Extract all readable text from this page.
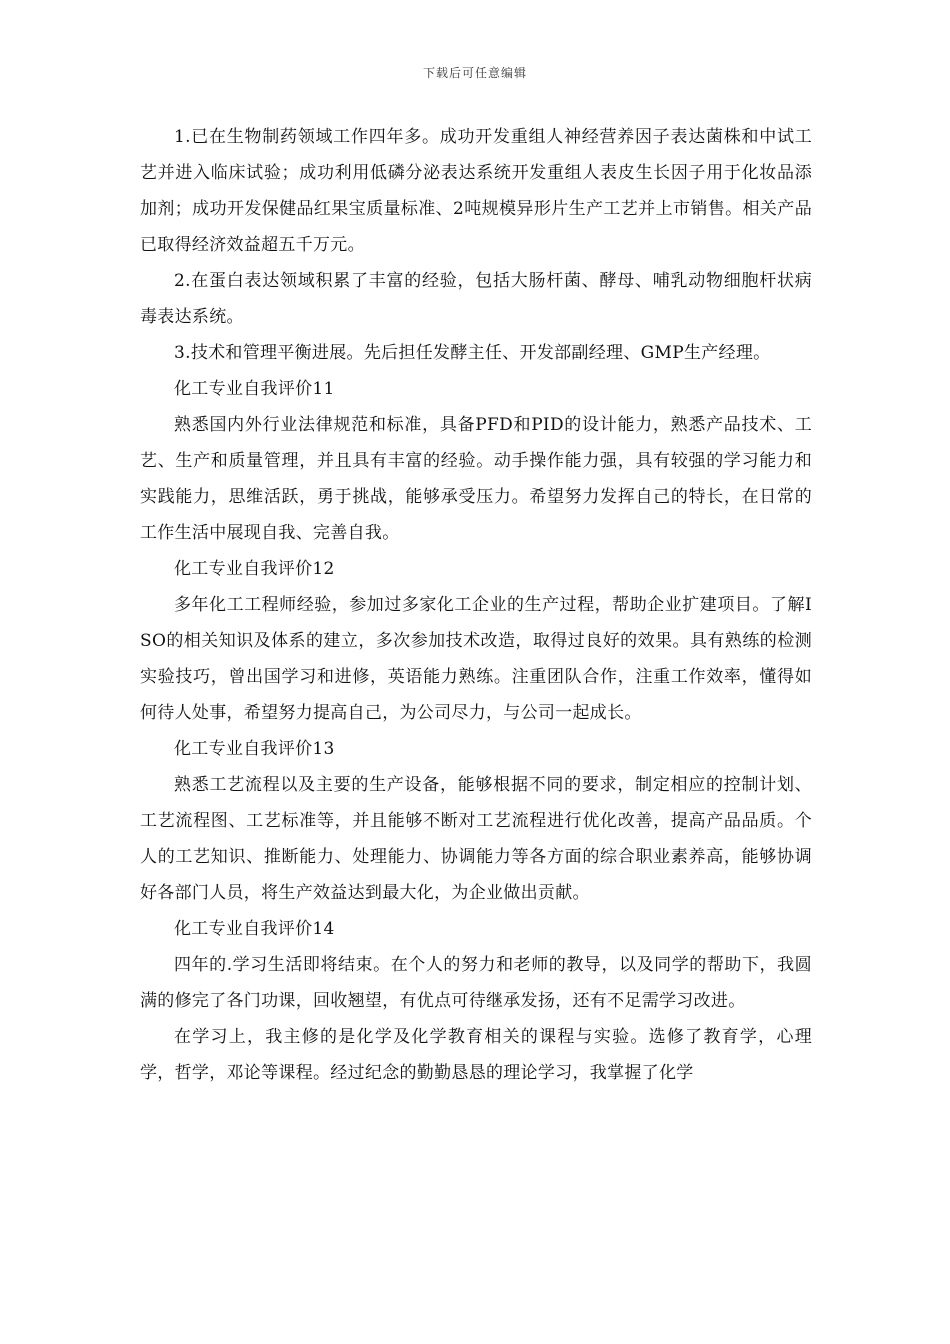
下载后可任意编辑

1.已在生物制药领域工作四年多。成功开发重组人神经营养因子表达菌株和中试工艺并进入临床试验；成功利用低磷分泌表达系统开发重组人表皮生长因子用于化妆品添加剂；成功开发保健品红果宝质量标准、2吨规模异形片生产工艺并上市销售。相关产品已取得经济效益超五千万元。

2.在蛋白表达领域积累了丰富的经验，包括大肠杆菌、酵母、哺乳动物细胞杆状病毒表达系统。

3.技术和管理平衡进展。先后担任发酵主任、开发部副经理、GMP生产经理。

化工专业自我评价11

熟悉国内外行业法律规范和标准，具备PFD和PID的设计能力，熟悉产品技术、工艺、生产和质量管理，并且具有丰富的经验。动手操作能力强，具有较强的学习能力和实践能力，思维活跃，勇于挑战，能够承受压力。希望努力发挥自己的特长，在日常的工作生活中展现自我、完善自我。

化工专业自我评价12

多年化工工程师经验，参加过多家化工企业的生产过程，帮助企业扩建项目。了解ISO的相关知识及体系的建立，多次参加技术改造，取得过良好的效果。具有熟练的检测实验技巧，曾出国学习和进修，英语能力熟练。注重团队合作，注重工作效率，懂得如何待人处事，希望努力提高自己，为公司尽力，与公司一起成长。

化工专业自我评价13

熟悉工艺流程以及主要的生产设备，能够根据不同的要求，制定相应的控制计划、工艺流程图、工艺标准等，并且能够不断对工艺流程进行优化改善，提高产品品质。个人的工艺知识、推断能力、处理能力、协调能力等各方面的综合职业素养高，能够协调好各部门人员，将生产效益达到最大化，为企业做出贡献。

化工专业自我评价14

四年的.学习生活即将结束。在个人的努力和老师的教导，以及同学的帮助下，我圆满的修完了各门功课，回收翘望，有优点可待继承发扬，还有不足需学习改进。

在学习上，我主修的是化学及化学教育相关的课程与实验。选修了教育学，心理学，哲学，邓论等课程。经过纪念的勤勤恳恳的理论学习，我掌握了化学
